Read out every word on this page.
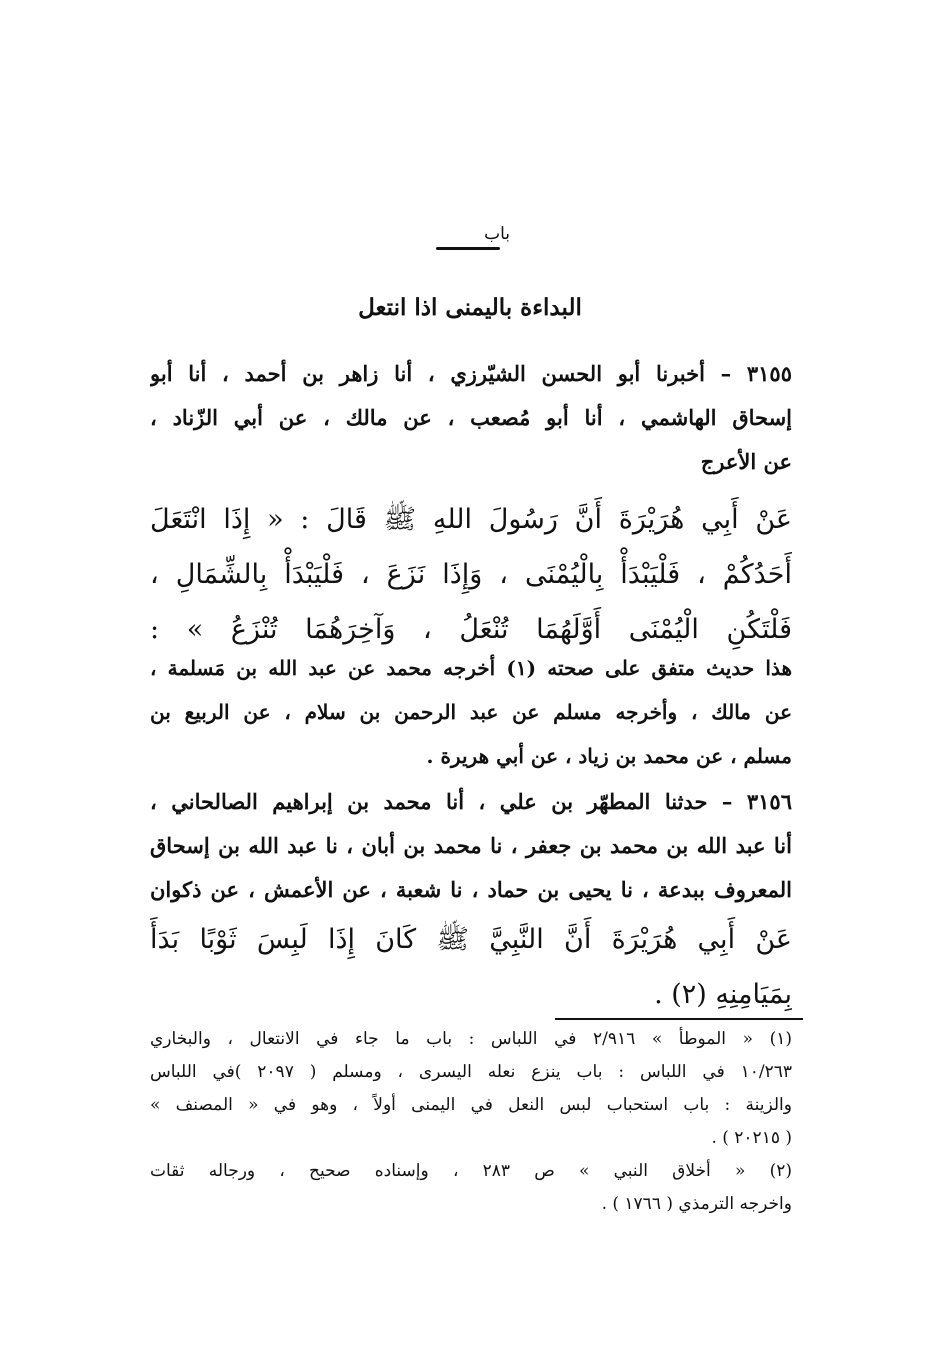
باب
البداءة باليمنى اذا انتعل
٣١٥٥ – أخبرنا أبو الحسن الشيّرزي ، أنا زاهر بن أحمد ، أنا أبو
إسحاق الهاشمي ، أنا أبو مُصعب ، عن مالك ، عن أبي الزّناد ،
عن الأعرج
عَنْ أَبِي هُرَيْرَةَ أَنَّ رَسُولَ اللهِ ﷺ قَالَ : « إِذَا انْتَعَلَ
أَحَدُكُمْ ، فَلْيَبْدَأْ بِالْيُمْنَى ، وَإِذَا نَزَعَ ، فَلْيَبْدَأْ بِالشِّمَالِ ،
فَلْتَكُنِ الْيُمْنَى أَوَّلَهُمَا تُنْعَلُ ، وَآخِرَهُمَا تُنْزَعُ » :
هذا حديث متفق على صحته (١) أخرجه محمد عن عبد الله بن مَسلمة ،
عن مالك ، وأخرجه مسلم عن عبد الرحمن بن سلام ، عن الربيع بن
مسلم ، عن محمد بن زياد ، عن أبي هريرة .
٣١٥٦ – حدثنا المطهّر بن علي ، أنا محمد بن إبراهيم الصالحاني ،
أنا عبد الله بن محمد بن جعفر ، نا محمد بن أبان ، نا عبد الله بن إسحاق
المعروف ببدعة ، نا يحيى بن حماد ، نا شعبة ، عن الأعمش ، عن ذكوان
عَنْ أَبِي هُرَيْرَةَ أَنَّ النَّبِيَّ ﷺ كَانَ إِذَا لَبِسَ ثَوْبًا بَدَأَ
بِمَيَامِنِهِ (٢) .
(١) « الموطأ » ٢/٩١٦ في اللباس : باب ما جاء في الانتعال ، والبخاري
١٠/٢٦٣ في اللباس : باب ينزع نعله اليسرى ، ومسلم ( ٢٠٩٧ )في اللباس
والزينة : باب استحباب لبس النعل في اليمنى أولاً ، وهو في « المصنف »
( ٢٠٢١٥ ) .
(٢) « أخلاق النبي » ص ٢٨٣ ، وإسناده صحيح ، ورجاله ثقات
واخرجه الترمذي ( ١٧٦٦ ) .
